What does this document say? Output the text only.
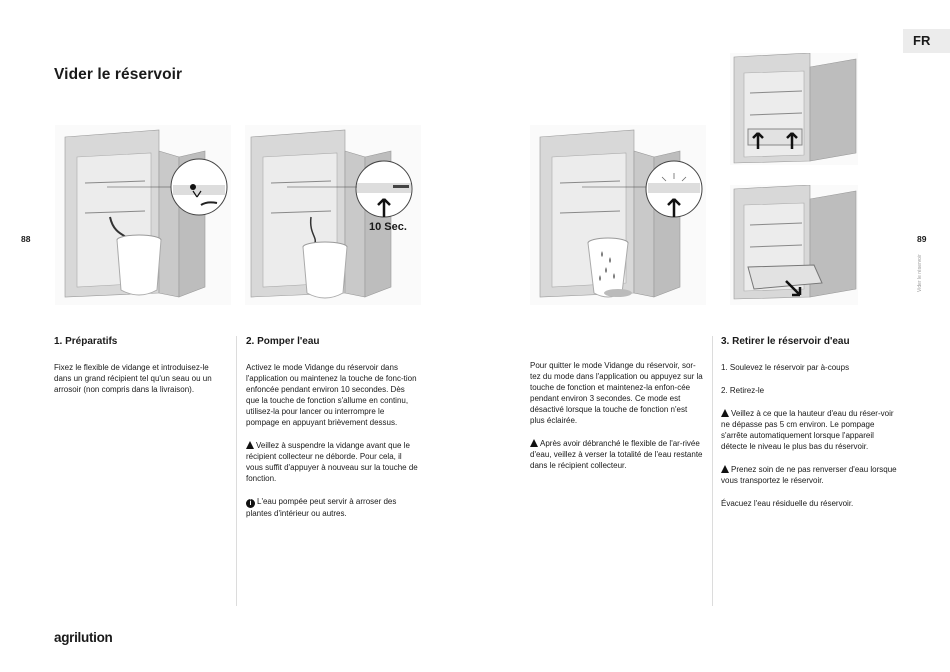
FR
Vider le réservoir
88	89
Vider le réservoir
10 Sec.
1. Préparatifs

Fixez le flexible de vidange et introduisez-le dans un grand récipient tel qu'un seau ou un arrosoir (non compris dans la livraison).

2. Pomper l'eau

Activez le mode Vidange du réservoir dans l'application ou maintenez la touche de fonc-tion enfoncée pendant environ 10 secondes. Dès que la touche de fonction s'allume en continu, utilisez-la pour lancer ou interrompre le pompage en appuyant brièvement dessus.

Veillez à suspendre la vidange avant que le récipient collecteur ne déborde. Pour cela, il vous suffit d'appuyer à nouveau sur la touche de fonction.

i L'eau pompée peut servir à arroser des plantes d'intérieur ou autres.

Pour quitter le mode Vidange du réservoir, sor-tez du mode dans l'application ou appuyez sur la touche de fonction et maintenez-la enfon-cée pendant environ 3 secondes. Ce mode est désactivé lorsque la touche de fonction n'est plus éclairée.

Après avoir débranché le flexible de l'ar-rivée d'eau, veillez à verser la totalité de l'eau restante dans le récipient collecteur.

3. Retirer le réservoir d'eau

1. Soulevez le réservoir par à-coups

2. Retirez-le

Veillez à ce que la hauteur d'eau du réser-voir ne dépasse pas 5 cm environ. Le pompage s'arrête automatiquement lorsque l'appareil détecte le niveau le plus bas du réservoir.

Prenez soin de ne pas renverser d'eau lorsque vous transportez le réservoir.

Évacuez l'eau résiduelle du réservoir.

agrilution
